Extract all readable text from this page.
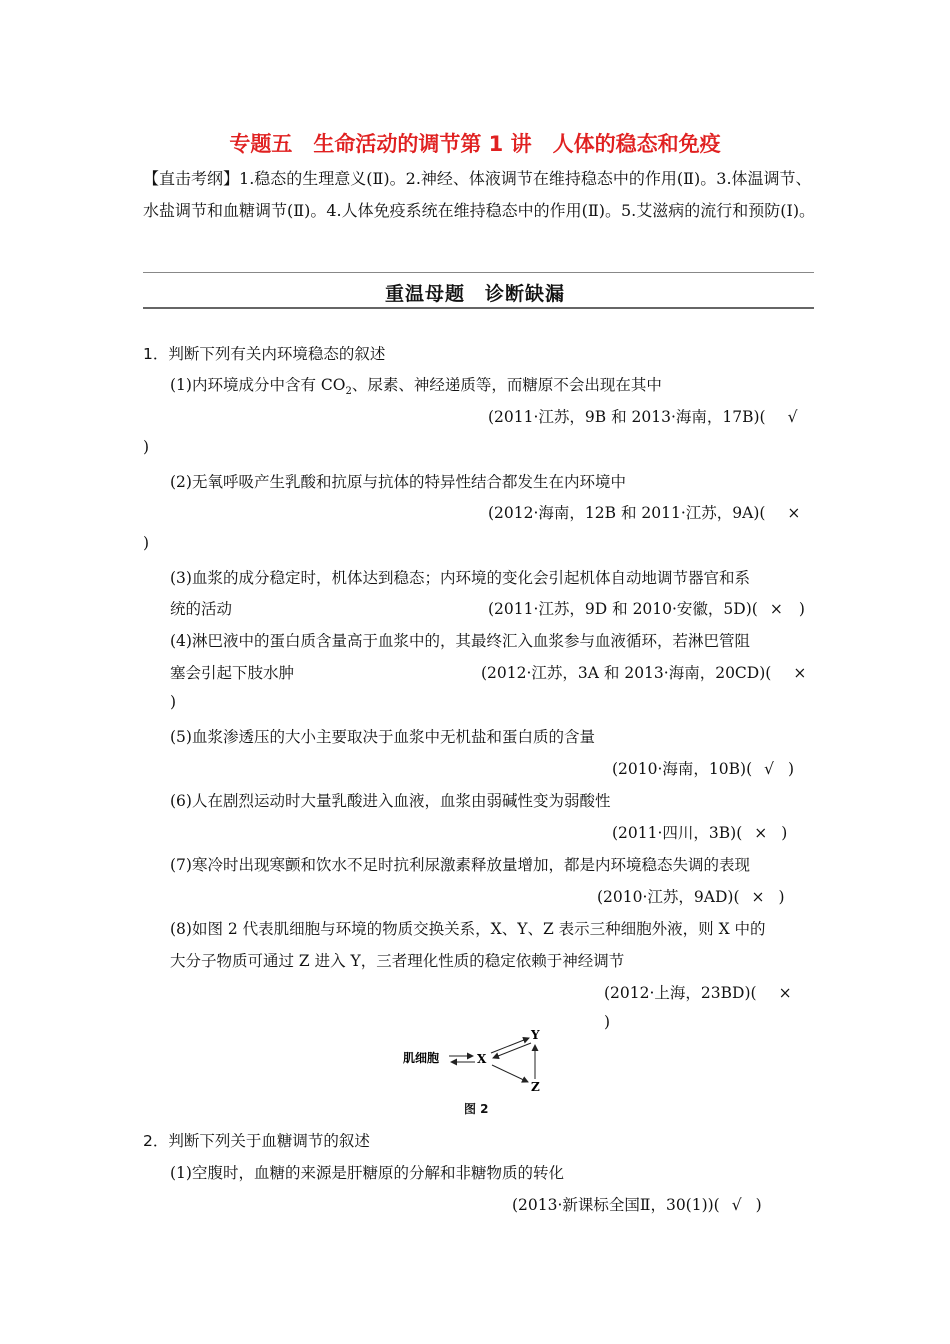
专题五　生命活动的调节第 1 讲　人体的稳态和免疫
【直击考纲】1.稳态的生理意义(Ⅱ)。2.神经、体液调节在维持稳态中的作用(Ⅱ)。3.体温调节、水盐调节和血糖调节(Ⅱ)。4.人体免疫系统在维持稳态中的作用(Ⅱ)。5.艾滋病的流行和预防(Ⅰ)。
重温母题　诊断缺漏
1．判断下列有关内环境稳态的叙述
(1)内环境成分中含有 $CO_2$、尿素、神经递质等，而糖原不会出现在其中
(2011·江苏，9B 和 2013·海南，17B)( √
)
(2)无氧呼吸产生乳酸和抗原与抗体的特异性结合都发生在内环境中
(2012·海南，12B 和 2011·江苏，9A)( ×
)
(3)血浆的成分稳定时，机体达到稳态；内环境的变化会引起机体自动地调节器官和系
统的活动	(2011·江苏，9D 和 2010·安徽，5D)( × )
(4)淋巴液中的蛋白质含量高于血浆中的，其最终汇入血浆参与血液循环，若淋巴管阻
塞会引起下肢水肿	(2012·江苏，3A 和 2013·海南，20CD)( ×
)
(5)血浆渗透压的大小主要取决于血浆中无机盐和蛋白质的含量
(2010·海南，10B)( √ )
(6)人在剧烈运动时大量乳酸进入血液，血浆由弱碱性变为弱酸性
(2011·四川，3B)( × )
(7)寒冷时出现寒颤和饮水不足时抗利尿激素释放量增加，都是内环境稳态失调的表现
(2010·江苏，9AD)( × )
(8)如图 2 代表肌细胞与环境的物质交换关系，X、Y、Z 表示三种细胞外液，则 X 中的
大分子物质可通过 Z 进入 Y，三者理化性质的稳定依赖于神经调节
(2012·上海，23BD)( ×
)
肌细胞	X
Y
Z
图 2
2．判断下列关于血糖调节的叙述
(1)空腹时，血糖的来源是肝糖原的分解和非糖物质的转化
(2013·新课标全国Ⅱ，30(1))( √ )
